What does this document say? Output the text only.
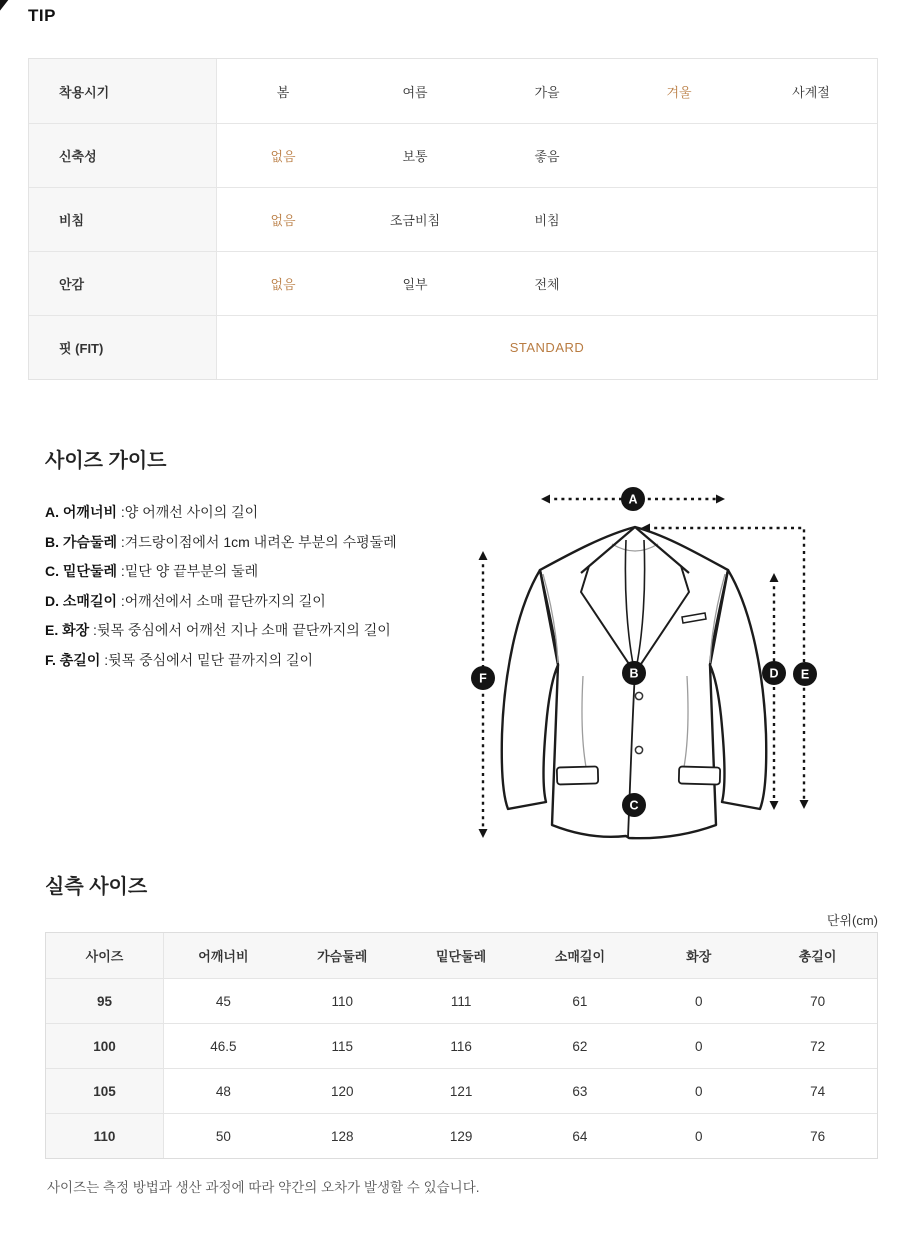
TIP
착용시기	봄	여름	가을	겨울	사계절
신축성	없음	보통	좋음
비침	없음	조금비침	비침
안감	없음	일부	전체
핏 (FIT)	STANDARD
사이즈 가이드
A. 어깨너비 :양 어깨선 사이의 길이
B. 가슴둘레 :겨드랑이점에서 1cm 내려온 부분의 수평둘레
C. 밑단둘레 :밑단 양 끝부분의 둘레
D. 소매길이 :어깨선에서 소매 끝단까지의 길이
E. 화장 :뒷목 중심에서 어깨선 지나 소매 끝단까지의 길이
F. 총길이 :뒷목 중심에서 밑단 끝까지의 길이
A
B
C
D E
F
실측 사이즈
단위(cm)
사이즈	어깨너비	가슴둘레	밑단둘레	소매길이	화장	총길이
95	45	110	111	61	0	70
100	46.5	115	116	62	0	72
105	48	120	121	63	0	74
110	50	128	129	64	0	76
사이즈는 측정 방법과 생산 과정에 따라 약간의 오차가 발생할 수 있습니다.
